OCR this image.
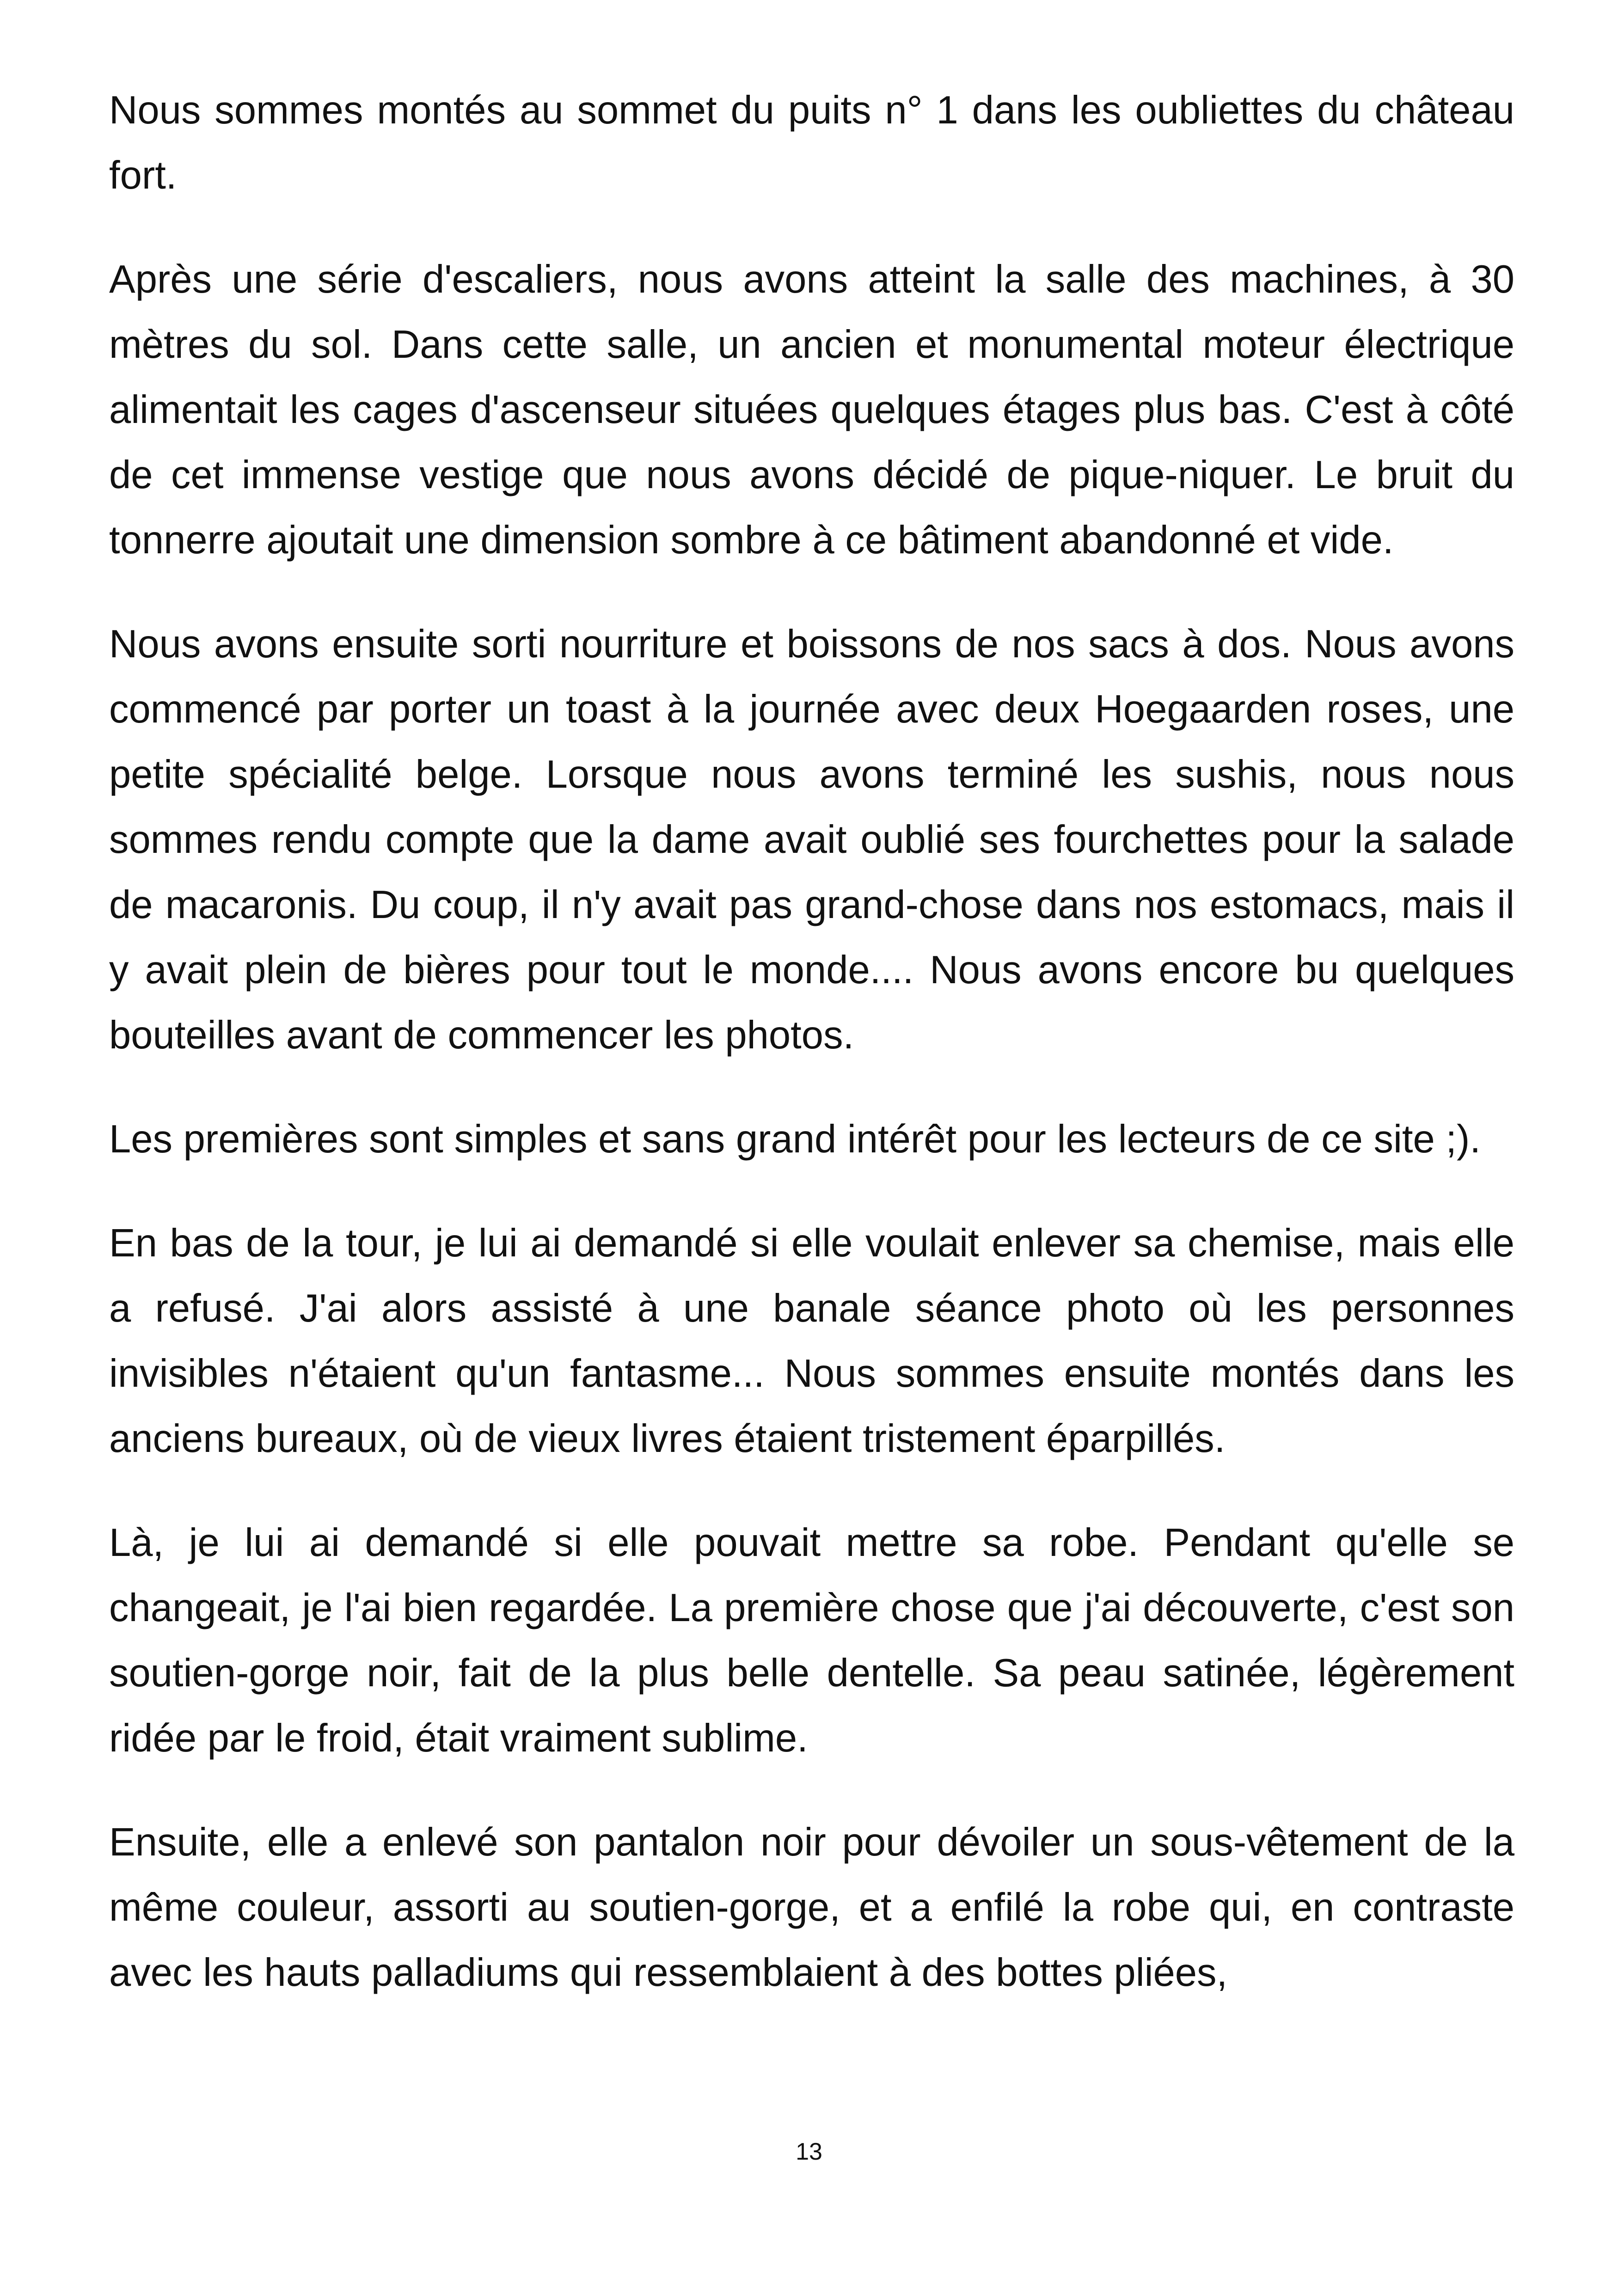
Nous sommes montés au sommet du puits n° 1 dans les oubliettes du château fort.

Après une série d'escaliers, nous avons atteint la salle des machines, à 30 mètres du sol. Dans cette salle, un ancien et monumental moteur électrique alimentait les cages d'ascenseur situées quelques étages plus bas. C'est à côté de cet immense vestige que nous avons décidé de pique-niquer. Le bruit du tonnerre ajoutait une dimension sombre à ce bâtiment abandonné et vide.

Nous avons ensuite sorti nourriture et boissons de nos sacs à dos. Nous avons commencé par porter un toast à la journée avec deux Hoegaarden roses, une petite spécialité belge. Lorsque nous avons terminé les sushis, nous nous sommes rendu compte que la dame avait oublié ses fourchettes pour la salade de macaronis. Du coup, il n'y avait pas grand-chose dans nos estomacs, mais il y avait plein de bières pour tout le monde.... Nous avons encore bu quelques bouteilles avant de commencer les photos.

Les premières sont simples et sans grand intérêt pour les lecteurs de ce site ;).

En bas de la tour, je lui ai demandé si elle voulait enlever sa chemise, mais elle a refusé. J'ai alors assisté à une banale séance photo où les personnes invisibles n'étaient qu'un fantasme... Nous sommes ensuite montés dans les anciens bureaux, où de vieux livres étaient tristement éparpillés.

Là, je lui ai demandé si elle pouvait mettre sa robe. Pendant qu'elle se changeait, je l'ai bien regardée. La première chose que j'ai découverte, c'est son soutien-gorge noir, fait de la plus belle dentelle. Sa peau satinée, légèrement ridée par le froid, était vraiment sublime.

Ensuite, elle a enlevé son pantalon noir pour dévoiler un sous-vêtement de la même couleur, assorti au soutien-gorge, et a enfilé la robe qui, en contraste avec les hauts palladiums qui ressemblaient à des bottes pliées,

13
